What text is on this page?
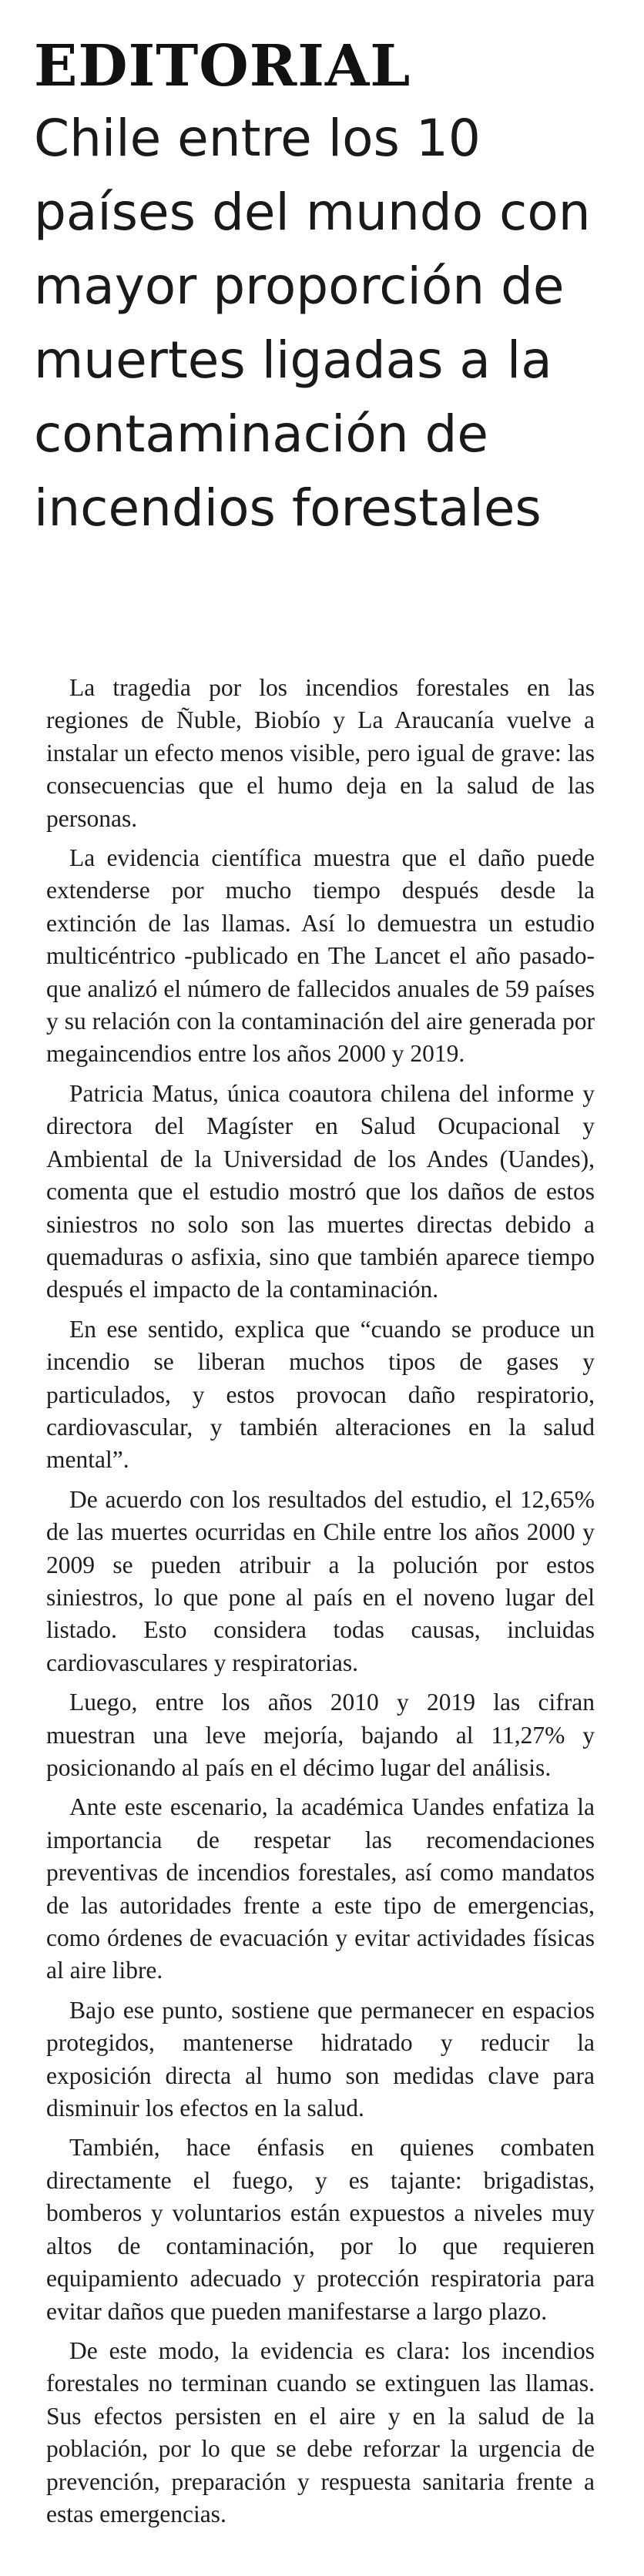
EDITORIAL
Chile entre los 10 países del mundo con mayor proporción de muertes ligadas a la contaminación de incendios forestales

La tragedia por los incendios forestales en las regiones de Ñuble, Biobío y La Araucanía vuelve a instalar un efecto menos visible, pero igual de grave: las consecuencias que el humo deja en la salud de las personas.

La evidencia científica muestra que el daño puede extenderse por mucho tiempo después desde la extinción de las llamas. Así lo demuestra un estudio multicéntrico -publicado en The Lancet el año pasado- que analizó el número de fallecidos anuales de 59 países y su relación con la contaminación del aire generada por megaincendios entre los años 2000 y 2019.

Patricia Matus, única coautora chilena del informe y directora del Magíster en Salud Ocupacional y Ambiental de la Universidad de los Andes (Uandes), comenta que el estudio mostró que los daños de estos siniestros no solo son las muertes directas debido a quemaduras o asfixia, sino que también aparece tiempo después el impacto de la contaminación.

En ese sentido, explica que “cuando se produce un incendio se liberan muchos tipos de gases y particulados, y estos provocan daño respiratorio, cardiovascular, y también alteraciones en la salud mental”.

De acuerdo con los resultados del estudio, el 12,65% de las muertes ocurridas en Chile entre los años 2000 y 2009 se pueden atribuir a la polución por estos siniestros, lo que pone al país en el noveno lugar del listado. Esto considera todas causas, incluidas cardiovasculares y respiratorias.

Luego, entre los años 2010 y 2019 las cifran muestran una leve mejoría, bajando al 11,27% y posicionando al país en el décimo lugar del análisis.

Ante este escenario, la académica Uandes enfatiza la importancia de respetar las recomendaciones preventivas de incendios forestales, así como mandatos de las autoridades frente a este tipo de emergencias, como órdenes de evacuación y evitar actividades físicas al aire libre.

Bajo ese punto, sostiene que permanecer en espacios protegidos, mantenerse hidratado y reducir la exposición directa al humo son medidas clave para disminuir los efectos en la salud.

También, hace énfasis en quienes combaten directamente el fuego, y es tajante: brigadistas, bomberos y voluntarios están expuestos a niveles muy altos de contaminación, por lo que requieren equipamiento adecuado y protección respiratoria para evitar daños que pueden manifestarse a largo plazo.

De este modo, la evidencia es clara: los incendios forestales no terminan cuando se extinguen las llamas. Sus efectos persisten en el aire y en la salud de la población, por lo que se debe reforzar la urgencia de prevención, preparación y respuesta sanitaria frente a estas emergencias.
